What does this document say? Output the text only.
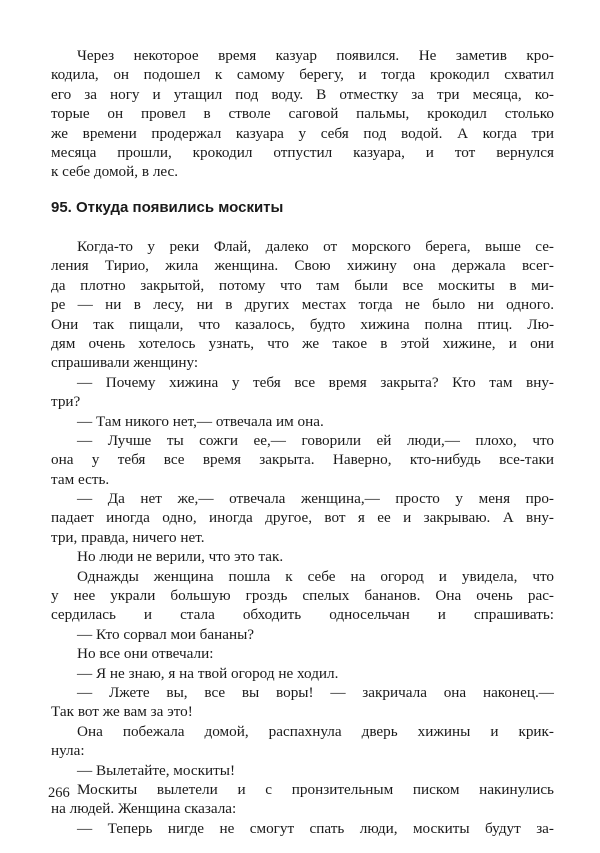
Через некоторое время казуар появился. Не заметив кро-
кодила, он подошел к самому берегу, и тогда крокодил схватил
его за ногу и утащил под воду. В отместку за три месяца, ко-
торые он провел в стволе саговой пальмы, крокодил столько
же времени продержал казуара у себя под водой. А когда три
месяца прошли, крокодил отпустил казуара, и тот вернулся
к себе домой, в лес.
95. Откуда появились москиты
Когда-то у реки Флай, далеко от морского берега, выше се-
ления Тирио, жила женщина. Свою хижину она держала всег-
да плотно закрытой, потому что там были все москиты в ми-
ре — ни в лесу, ни в других местах тогда не было ни одного.
Они так пищали, что казалось, будто хижина полна птиц. Лю-
дям очень хотелось узнать, что же такое в этой хижине, и они
спрашивали женщину:
— Почему хижина у тебя все время закрыта? Кто там вну-
три?
— Там никого нет,— отвечала им она.
— Лучше ты сожги ее,— говорили ей люди,— плохо, что
она у тебя все время закрыта. Наверно, кто-нибудь все-таки
там есть.
— Да нет же,— отвечала женщина,— просто у меня про-
падает иногда одно, иногда другое, вот я ее и закрываю. А вну-
три, правда, ничего нет.
Но люди не верили, что это так.
Однажды женщина пошла к себе на огород и увидела, что
у нее украли большую гроздь спелых бананов. Она очень рас-
сердилась и стала обходить односельчан и спрашивать:
— Кто сорвал мои бананы?
Но все они отвечали:
— Я не знаю, я на твой огород не ходил.
— Лжете вы, все вы воры! — закричала она наконец.—
Так вот же вам за это!
Она побежала домой, распахнула дверь хижины и крик-
нула:
— Вылетайте, москиты!
Москиты вылетели и с пронзительным писком накинулись
на людей. Женщина сказала:
— Теперь нигде не смогут спать люди, москиты будут за-
266
